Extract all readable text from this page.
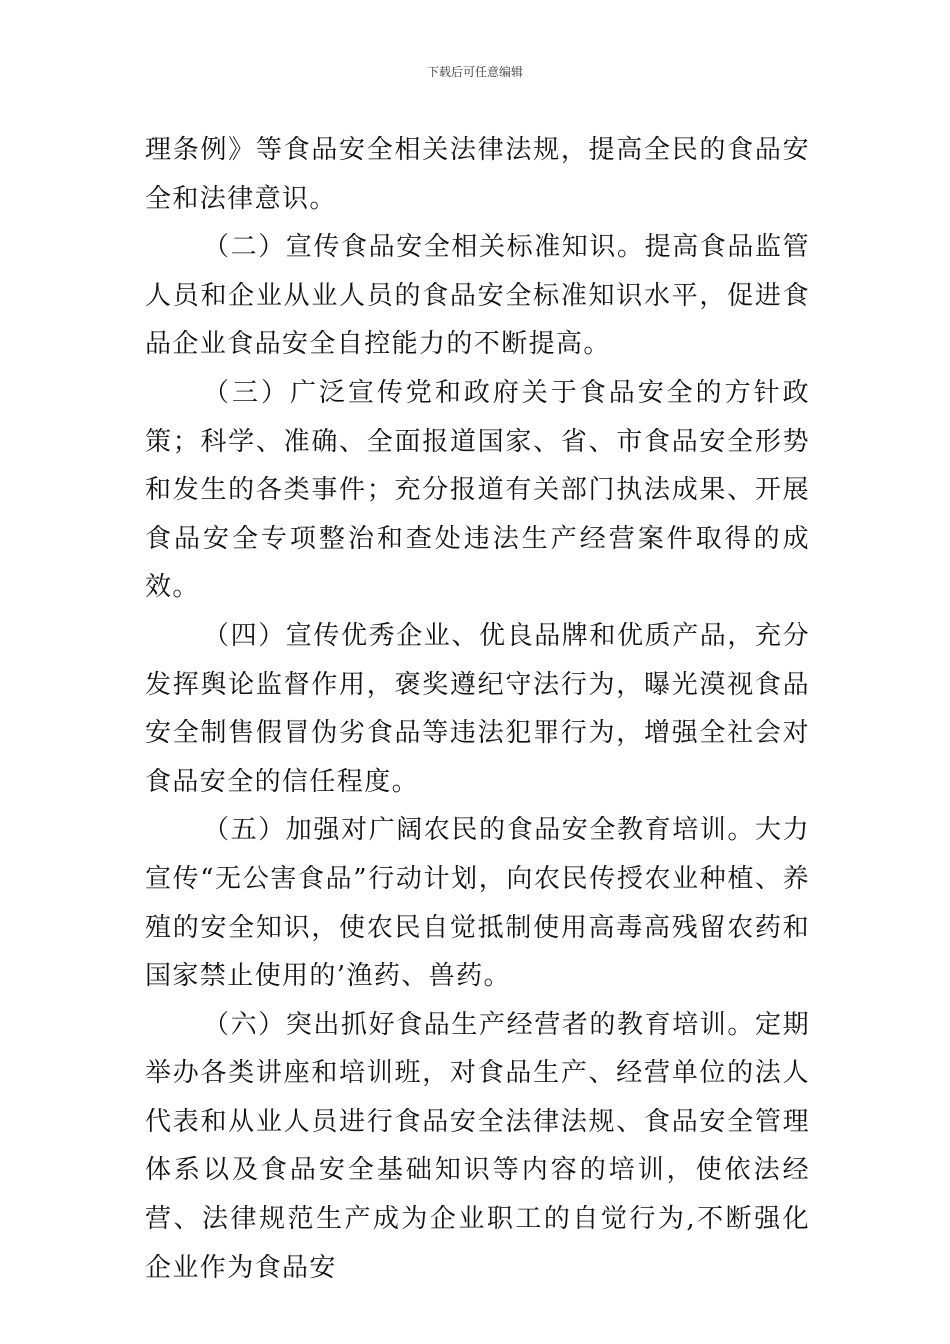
下载后可任意编辑

理条例》等食品安全相关法律法规，提高全民的食品安全和法律意识。

（二）宣传食品安全相关标准知识。提高食品监管人员和企业从业人员的食品安全标准知识水平，促进食品企业食品安全自控能力的不断提高。

（三）广泛宣传党和政府关于食品安全的方针政策；科学、准确、全面报道国家、省、市食品安全形势和发生的各类事件；充分报道有关部门执法成果、开展食品安全专项整治和查处违法生产经营案件取得的成效。

（四）宣传优秀企业、优良品牌和优质产品，充分发挥舆论监督作用，褒奖遵纪守法行为，曝光漠视食品安全制售假冒伪劣食品等违法犯罪行为，增强全社会对食品安全的信任程度。

（五）加强对广阔农民的食品安全教育培训。大力宣传“无公害食品”行动计划，向农民传授农业种植、养殖的安全知识，使农民自觉抵制使用高毒高残留农药和国家禁止使用的’渔药、兽药。

（六）突出抓好食品生产经营者的教育培训。定期举办各类讲座和培训班，对食品生产、经营单位的法人代表和从业人员进行食品安全法律法规、食品安全管理体系以及食品安全基础知识等内容的培训，使依法经营、法律规范生产成为企业职工的自觉行为,不断强化企业作为食品安
